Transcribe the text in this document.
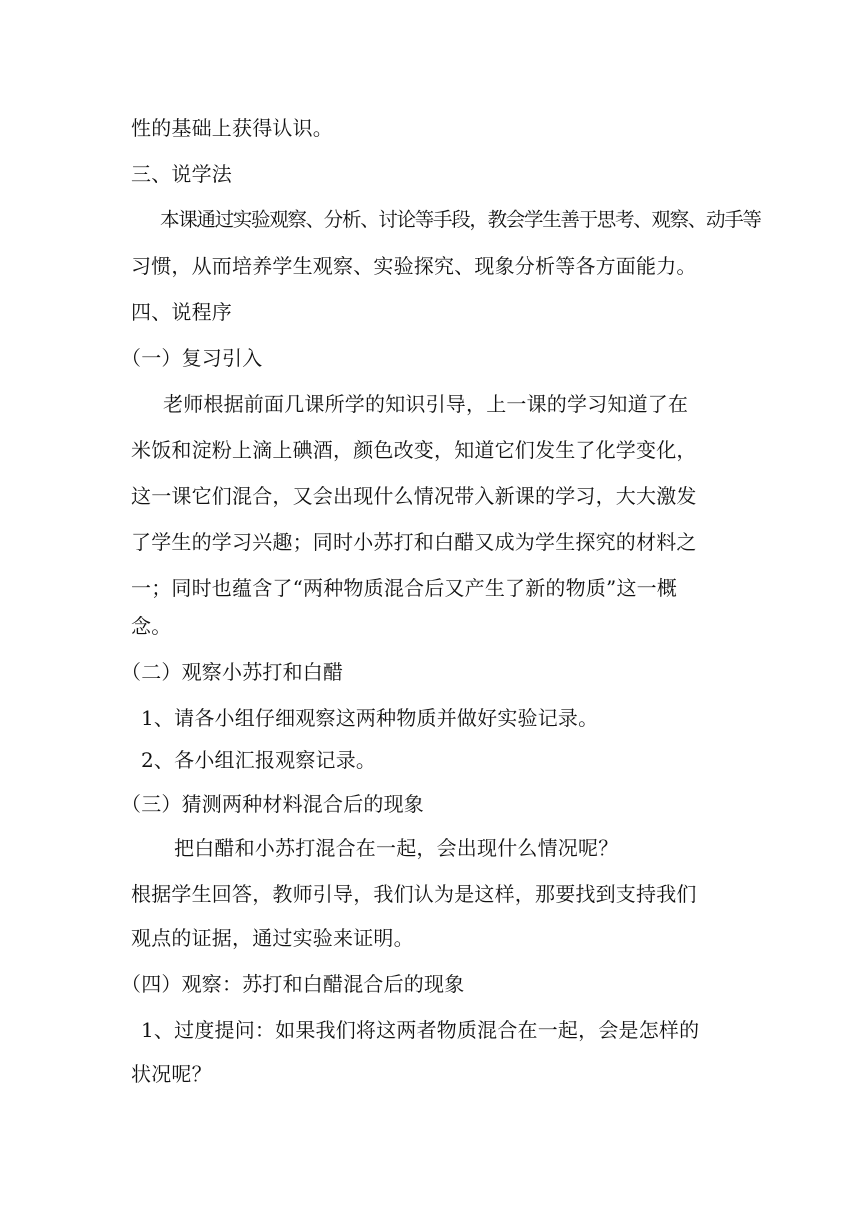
性的基础上获得认识。
三、说学法
本课通过实验观察、分析、讨论等手段，教会学生善于思考、观察、动手等
习惯，从而培养学生观察、实验探究、现象分析等各方面能力。
四、说程序
（一）复习引入
老师根据前面几课所学的知识引导，上一课的学习知道了在
米饭和淀粉上滴上碘酒，颜色改变，知道它们发生了化学变化，
这一课它们混合，又会出现什么情况带入新课的学习，大大激发
了学生的学习兴趣；同时小苏打和白醋又成为学生探究的材料之
一；同时也蕴含了“两种物质混合后又产生了新的物质”这一概
念。
（二）观察小苏打和白醋
1、请各小组仔细观察这两种物质并做好实验记录。
2、各小组汇报观察记录。
（三）猜测两种材料混合后的现象
把白醋和小苏打混合在一起，会出现什么情况呢？
根据学生回答，教师引导，我们认为是这样，那要找到支持我们
观点的证据，通过实验来证明。
（四）观察：苏打和白醋混合后的现象
1、过度提问：如果我们将这两者物质混合在一起，会是怎样的
状况呢？
